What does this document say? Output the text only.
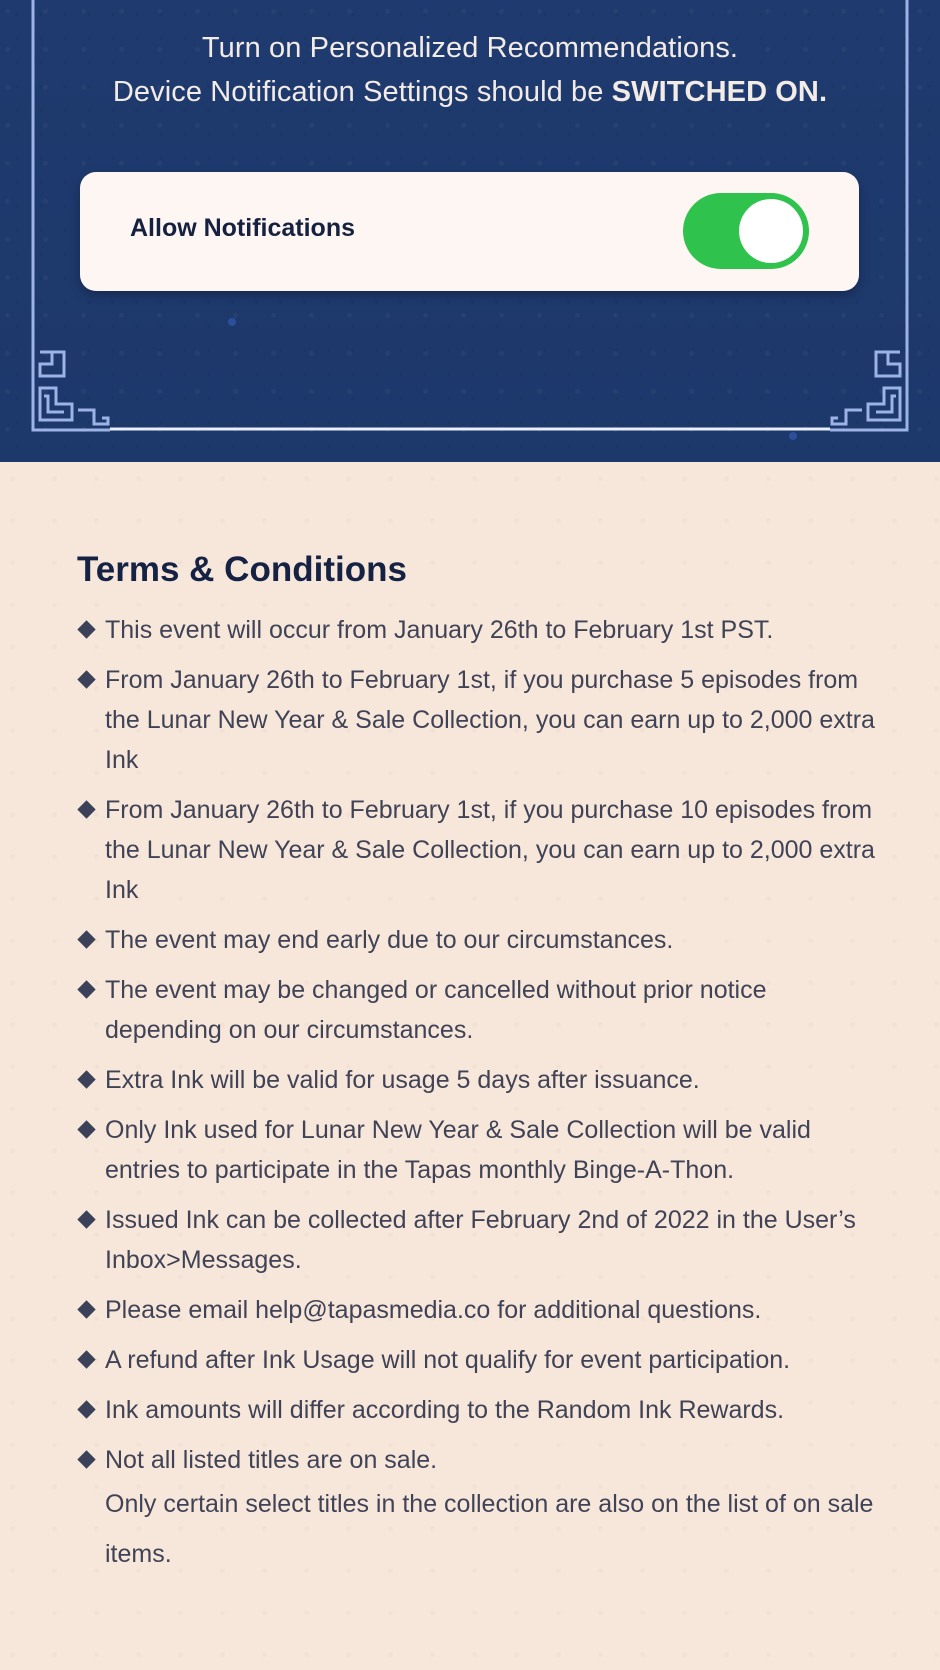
Turn on Personalized Recommendations.
Device Notification Settings should be SWITCHED ON.
Allow Notifications
Terms & Conditions
This event will occur from January 26th to February 1st PST.
From January 26th to February 1st, if you purchase 5 episodes from the Lunar New Year & Sale Collection, you can earn up to 2,000 extra Ink
From January 26th to February 1st, if you purchase 10 episodes from the Lunar New Year & Sale Collection, you can earn up to 2,000 extra Ink
The event may end early due to our circumstances.
The event may be changed or cancelled without prior notice depending on our circumstances.
Extra Ink will be valid for usage 5 days after issuance.
Only Ink used for Lunar New Year & Sale Collection will be valid entries to participate in the Tapas monthly Binge-A-Thon.
Issued Ink can be collected after February 2nd of 2022 in the User’s Inbox>Messages.
Please email help@tapasmedia.co for additional questions.
A refund after Ink Usage will not qualify for event participation.
Ink amounts will differ according to the Random Ink Rewards.
Not all listed titles are on sale.
Only certain select titles in the collection are also on the list of on sale items.
